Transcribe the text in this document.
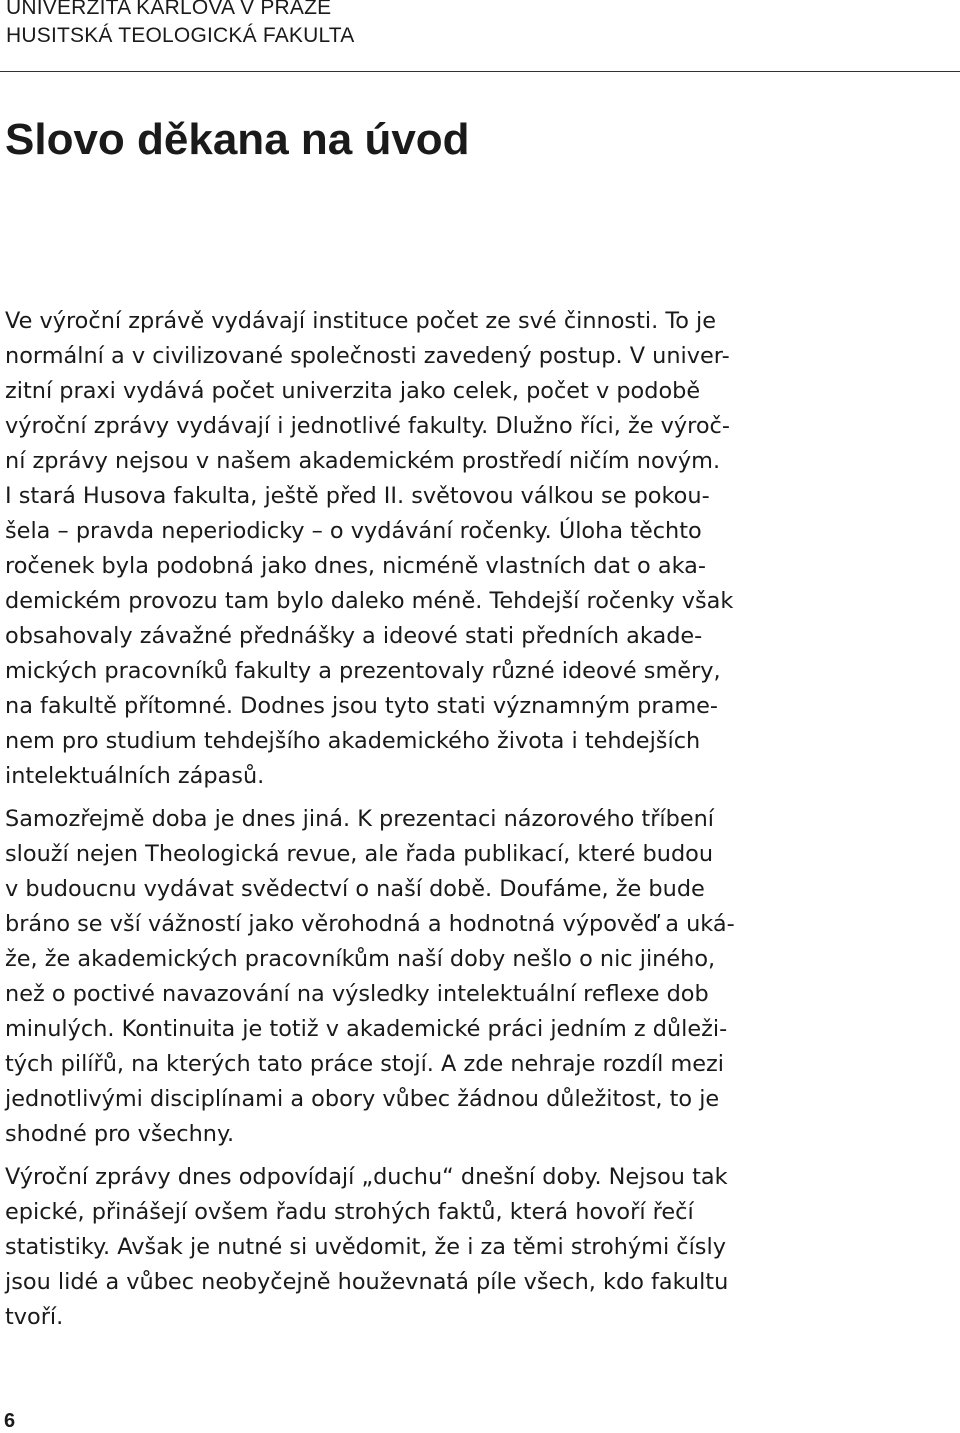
UNIVERZITA KARLOVA V PRAZE
HUSITSKÁ TEOLOGICKÁ FAKULTA
Slovo děkana na úvod

Ve výroční zprávě vydávají instituce počet ze své činnosti. To je
normální a v civilizované společnosti zavedený postup. V univer-
zitní praxi vydává počet univerzita jako celek, počet v podobě
výroční zprávy vydávají i jednotlivé fakulty. Dlužno říci, že výroč-
ní zprávy nejsou v našem akademickém prostředí ničím novým.
I stará Husova fakulta, ještě před II. světovou válkou se pokou-
šela – pravda neperiodicky – o vydávání ročenky. Úloha těchto
ročenek byla podobná jako dnes, nicméně vlastních dat o aka-
demickém provozu tam bylo daleko méně. Tehdejší ročenky však
obsahovaly závažné přednášky a ideové stati předních akade-
mických pracovníků fakulty a prezentovaly různé ideové směry,
na fakultě přítomné. Dodnes jsou tyto stati významným prame-
nem pro studium tehdejšího akademického života i tehdejších
intelektuálních zápasů.

Samozřejmě doba je dnes jiná. K prezentaci názorového tříbení
slouží nejen Theologická revue, ale řada publikací, které budou
v budoucnu vydávat svědectví o naší době. Doufáme, že bude
bráno se vší vážností jako věrohodná a hodnotná výpověď a uká-
že, že akademických pracovníkům naší doby nešlo o nic jiného,
než o poctivé navazování na výsledky intelektuální reflexe dob
minulých. Kontinuita je totiž v akademické práci jedním z důleži-
tých pilířů, na kterých tato práce stojí. A zde nehraje rozdíl mezi
jednotlivými disciplínami a obory vůbec žádnou důležitost, to je
shodné pro všechny.

Výroční zprávy dnes odpovídají „duchu“ dnešní doby. Nejsou tak
epické, přinášejí ovšem řadu strohých faktů, která hovoří řečí
statistiky. Avšak je nutné si uvědomit, že i za těmi strohými čísly
jsou lidé a vůbec neobyčejně houževnatá píle všech, kdo fakultu
tvoří.

6
